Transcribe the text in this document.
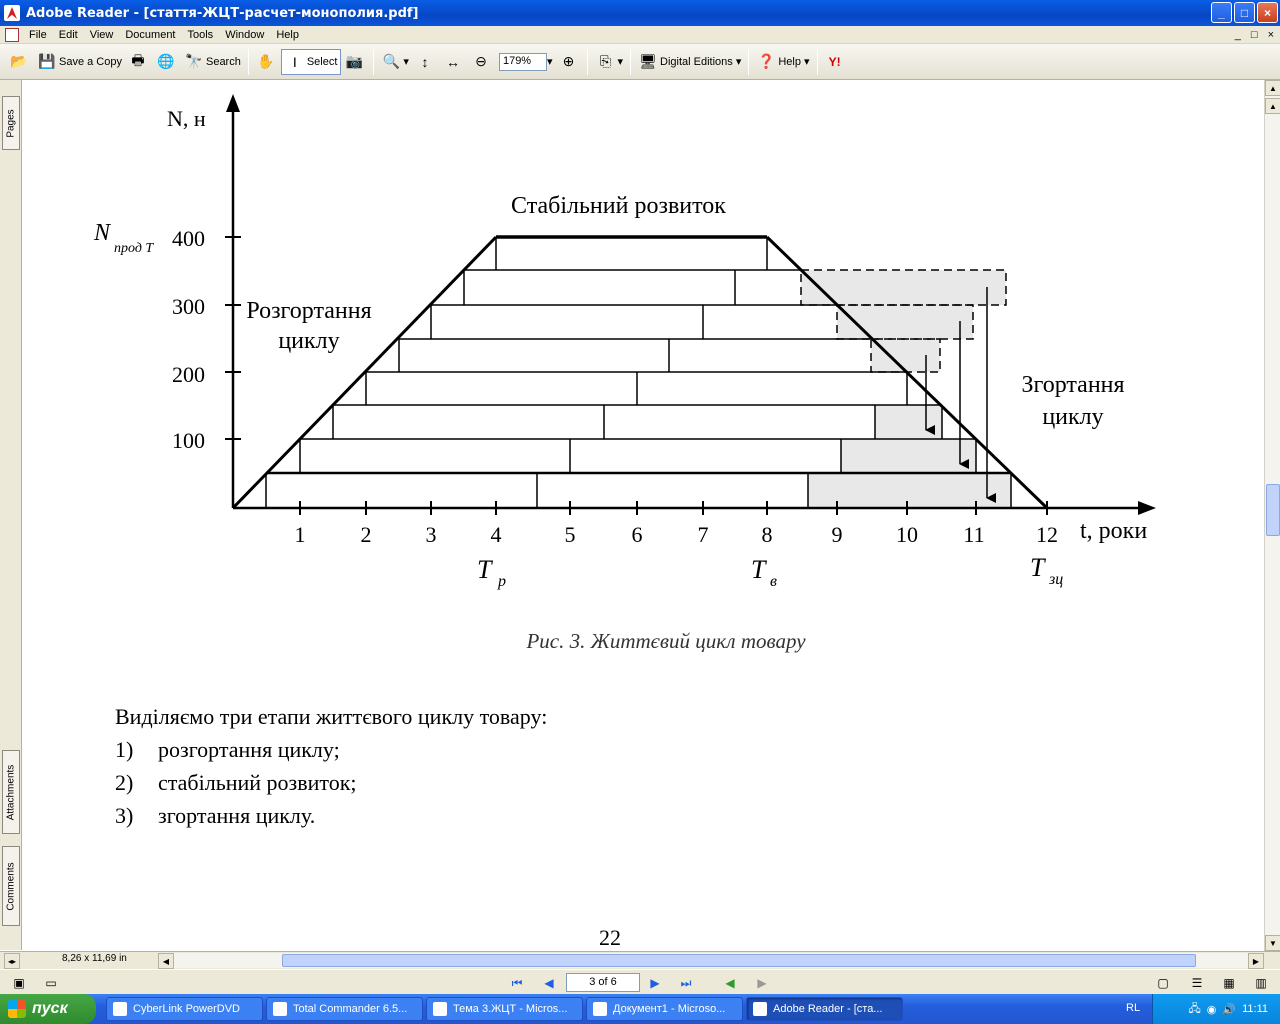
Adobe Reader - [стаття-ЖЦТ-расчет-монополия.pdf]	_	□	×
File	Edit	View	Document	Tools	Window	Help	_ □ ×
📂 💾 Save a Copy 🖶 🌐 🔭 Search ✋	Ι Select 📷 🔍 ▾ ↕	↔ ⊖	179%	▾ ⊕	⎘ ▾ 🖥 Digital Editions ▾ ❓ Help ▾	Y!
Pages
Attachments
Comments
N, н
t, роки
N
прод Т 400
300
200
100
1	2 3 4	5	6	7 8	9 10 11 12
Стабільний розвиток
Розгортання
циклу
Згортання
циклу
T р	T в	T зц
Рис. 3. Життєвий цикл товару
Виділяємо три етапи життєвого циклу товару:
1) розгортання циклу;
2) стабільний розвиток;
3) згортання циклу.
22
▲
▲
▼
◂▸	8,26 x 11,69 in	◀	▶
▣ ▭	⏮	◀	3 of 6	▶	⏭	◀	▶	▢	☰	▦ ▥
пуск	CyberLink PowerDVD	Total Commander 6.5...	Тема 3.ЖЦТ - Micros...	Документ1 - Microso...	Adobe Reader - [ста...	RL	🖧 ◉ 🔊 11:11
